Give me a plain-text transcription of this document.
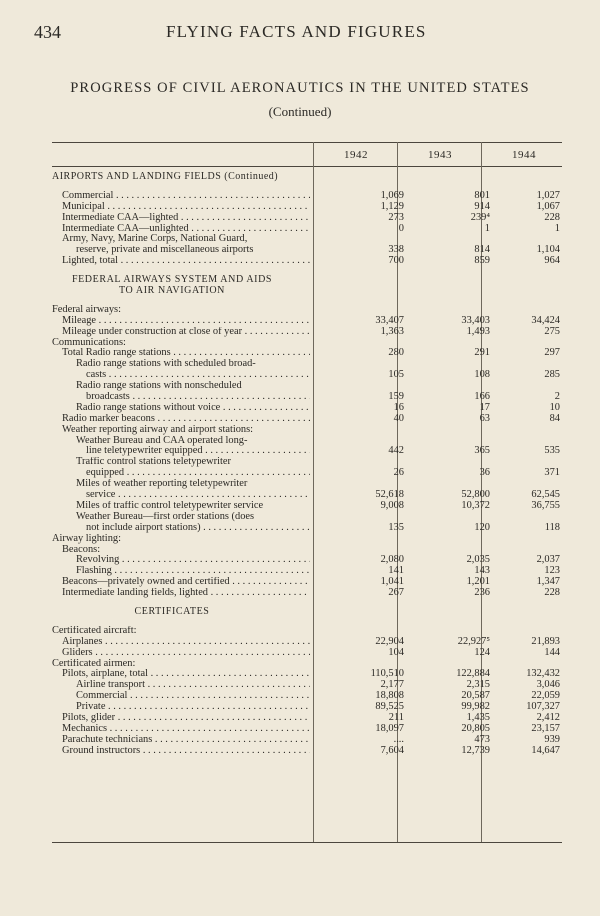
434	FLYING FACTS AND FIGURES
PROGRESS OF CIVIL AERONAUTICS IN THE UNITED STATES
(Continued)
1942	1943	1944
AIRPORTS AND LANDING FIELDS (Continued)
Commercial . . .	1,069	801	1,027
Municipal . . .	1,129	914	1,067
Intermediate CAA—lighted . . .	273	239⁴	228
Intermediate CAA—unlighted . . .	0	1	1
Army, Navy, Marine Corps, National Guard,
reserve, private and miscellaneous airports	338	814	1,104
Lighted, total . . .	700	859	964
FEDERAL AIRWAYS SYSTEM AND AIDS
TO AIR NAVIGATION
Federal airways:
Mileage . . .	33,407	33,403	34,424
Mileage under construction at close of year . . .	1,363	1,493	275
Communications:
Total Radio range stations . . .	280	291	297
Radio range stations with scheduled broad-
casts . . .	105	108	285
Radio range stations with nonscheduled
broadcasts . . .	159	166	2
Radio range stations without voice . . .	16	17	10
Radio marker beacons . . .	40	63	84
Weather reporting airway and airport stations:
Weather Bureau and CAA operated long-
line teletypewriter equipped . . .	442	365	535
Traffic control stations teletypewriter
equipped . . .	26	36	371
Miles of weather reporting teletypewriter
service . . .	52,618	52,800	62,545
Miles of traffic control teletypewriter service	9,008	10,372	36,755
Weather Bureau—first order stations (does
not include airport stations) . . .	135	120	118
Airway lighting:
Beacons:
Revolving . . .	2,080	2,035	2,037
Flashing . . .	141	143	123
Beacons—privately owned and certified . . .	1,041	1,201	1,347
Intermediate landing fields, lighted . . .	267	236	228
CERTIFICATES
Certificated aircraft:
Airplanes . . .	22,904	22,927⁵	21,893
Gliders . . .	104	124	144
Certificated airmen:
Pilots, airplane, total . . .	110,510	122,884	132,432
Airline transport . . .	2,177	2,315	3,046
Commercial . . .	18,808	20,587	22,059
Private . . .	89,525	99,982	107,327
Pilots, glider . . .	211	1,435	2,412
Mechanics . . .	18,097	20,805	23,157
Parachute technicians . . .	....	473	939
Ground instructors . . .	7,604	12,739	14,647
